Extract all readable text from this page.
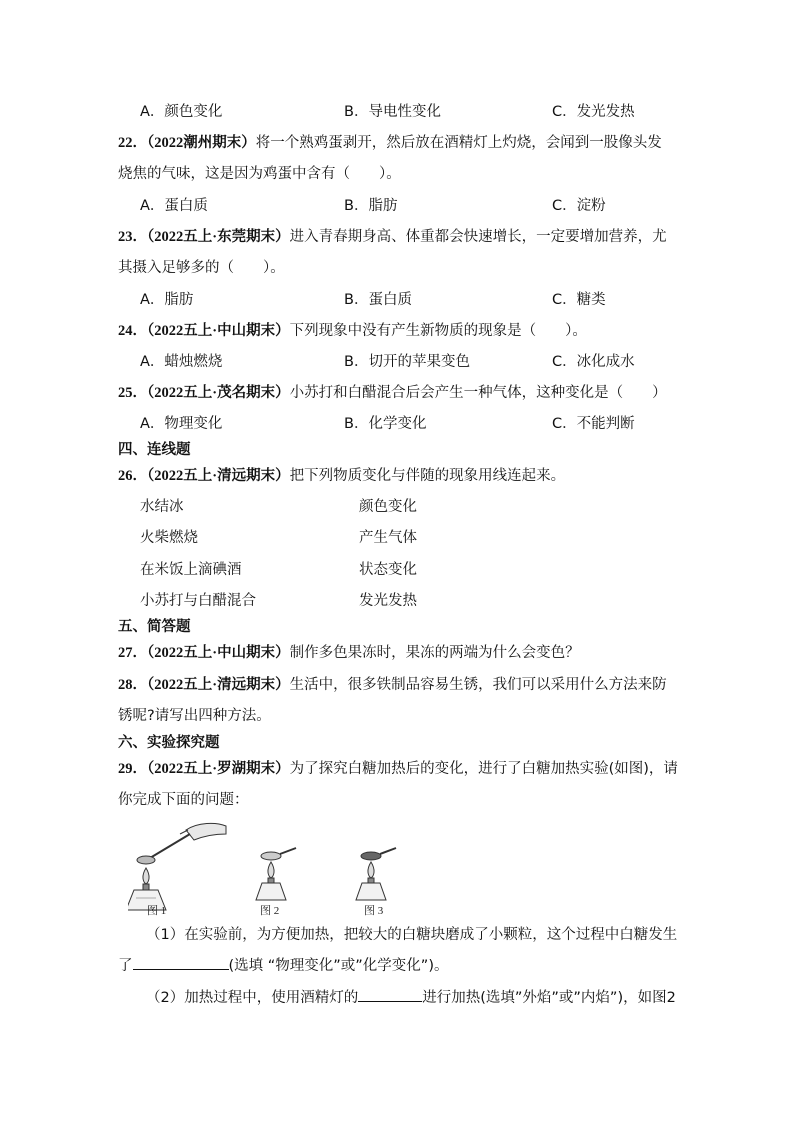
A．颜色变化	B．导电性变化	C．发光发热
22．（2022潮州期末）将一个熟鸡蛋剥开，然后放在酒精灯上灼烧，会闻到一股像头发
烧焦的气味，这是因为鸡蛋中含有（　　）。
A．蛋白质	B．脂肪	C．淀粉
23．（2022五上·东莞期末）进入青春期身高、体重都会快速增长，一定要增加营养，尤
其摄入足够多的（　　）。
A．脂肪	B．蛋白质	C．糖类
24．（2022五上·中山期末）下列现象中没有产生新物质的现象是（　　）。
A．蜡烛燃烧	B．切开的苹果变色	C．冰化成水
25．（2022五上·茂名期末）小苏打和白醋混合后会产生一种气体，这种变化是（　　）
A．物理变化	B．化学变化	C．不能判断
四、连线题
26．（2022五上·清远期末）把下列物质变化与伴随的现象用线连起来。
水结冰
火柴燃烧
在米饭上滴碘酒
小苏打与白醋混合
颜色变化
产生气体
状态变化
发光发热
五、简答题
27．（2022五上·中山期末）制作多色果冻时，果冻的两端为什么会变色？
28．（2022五上·清远期末）生活中，很多铁制品容易生锈，我们可以采用什么方法来防
锈呢?请写出四种方法。
六、实验探究题
29．（2022五上·罗湖期末）为了探究白糖加热后的变化，进行了白糖加热实验(如图)，请
你完成下面的问题：
图 1	图 2	图 3
（1）在实验前，为方便加热，把较大的白糖块磨成了小颗粒，这个过程中白糖发生
了	(选填 “物理变化”或”化学变化”)。
（2）加热过程中，使用酒精灯的	进行加热(选填”外焰”或”内焰”)，如图2
